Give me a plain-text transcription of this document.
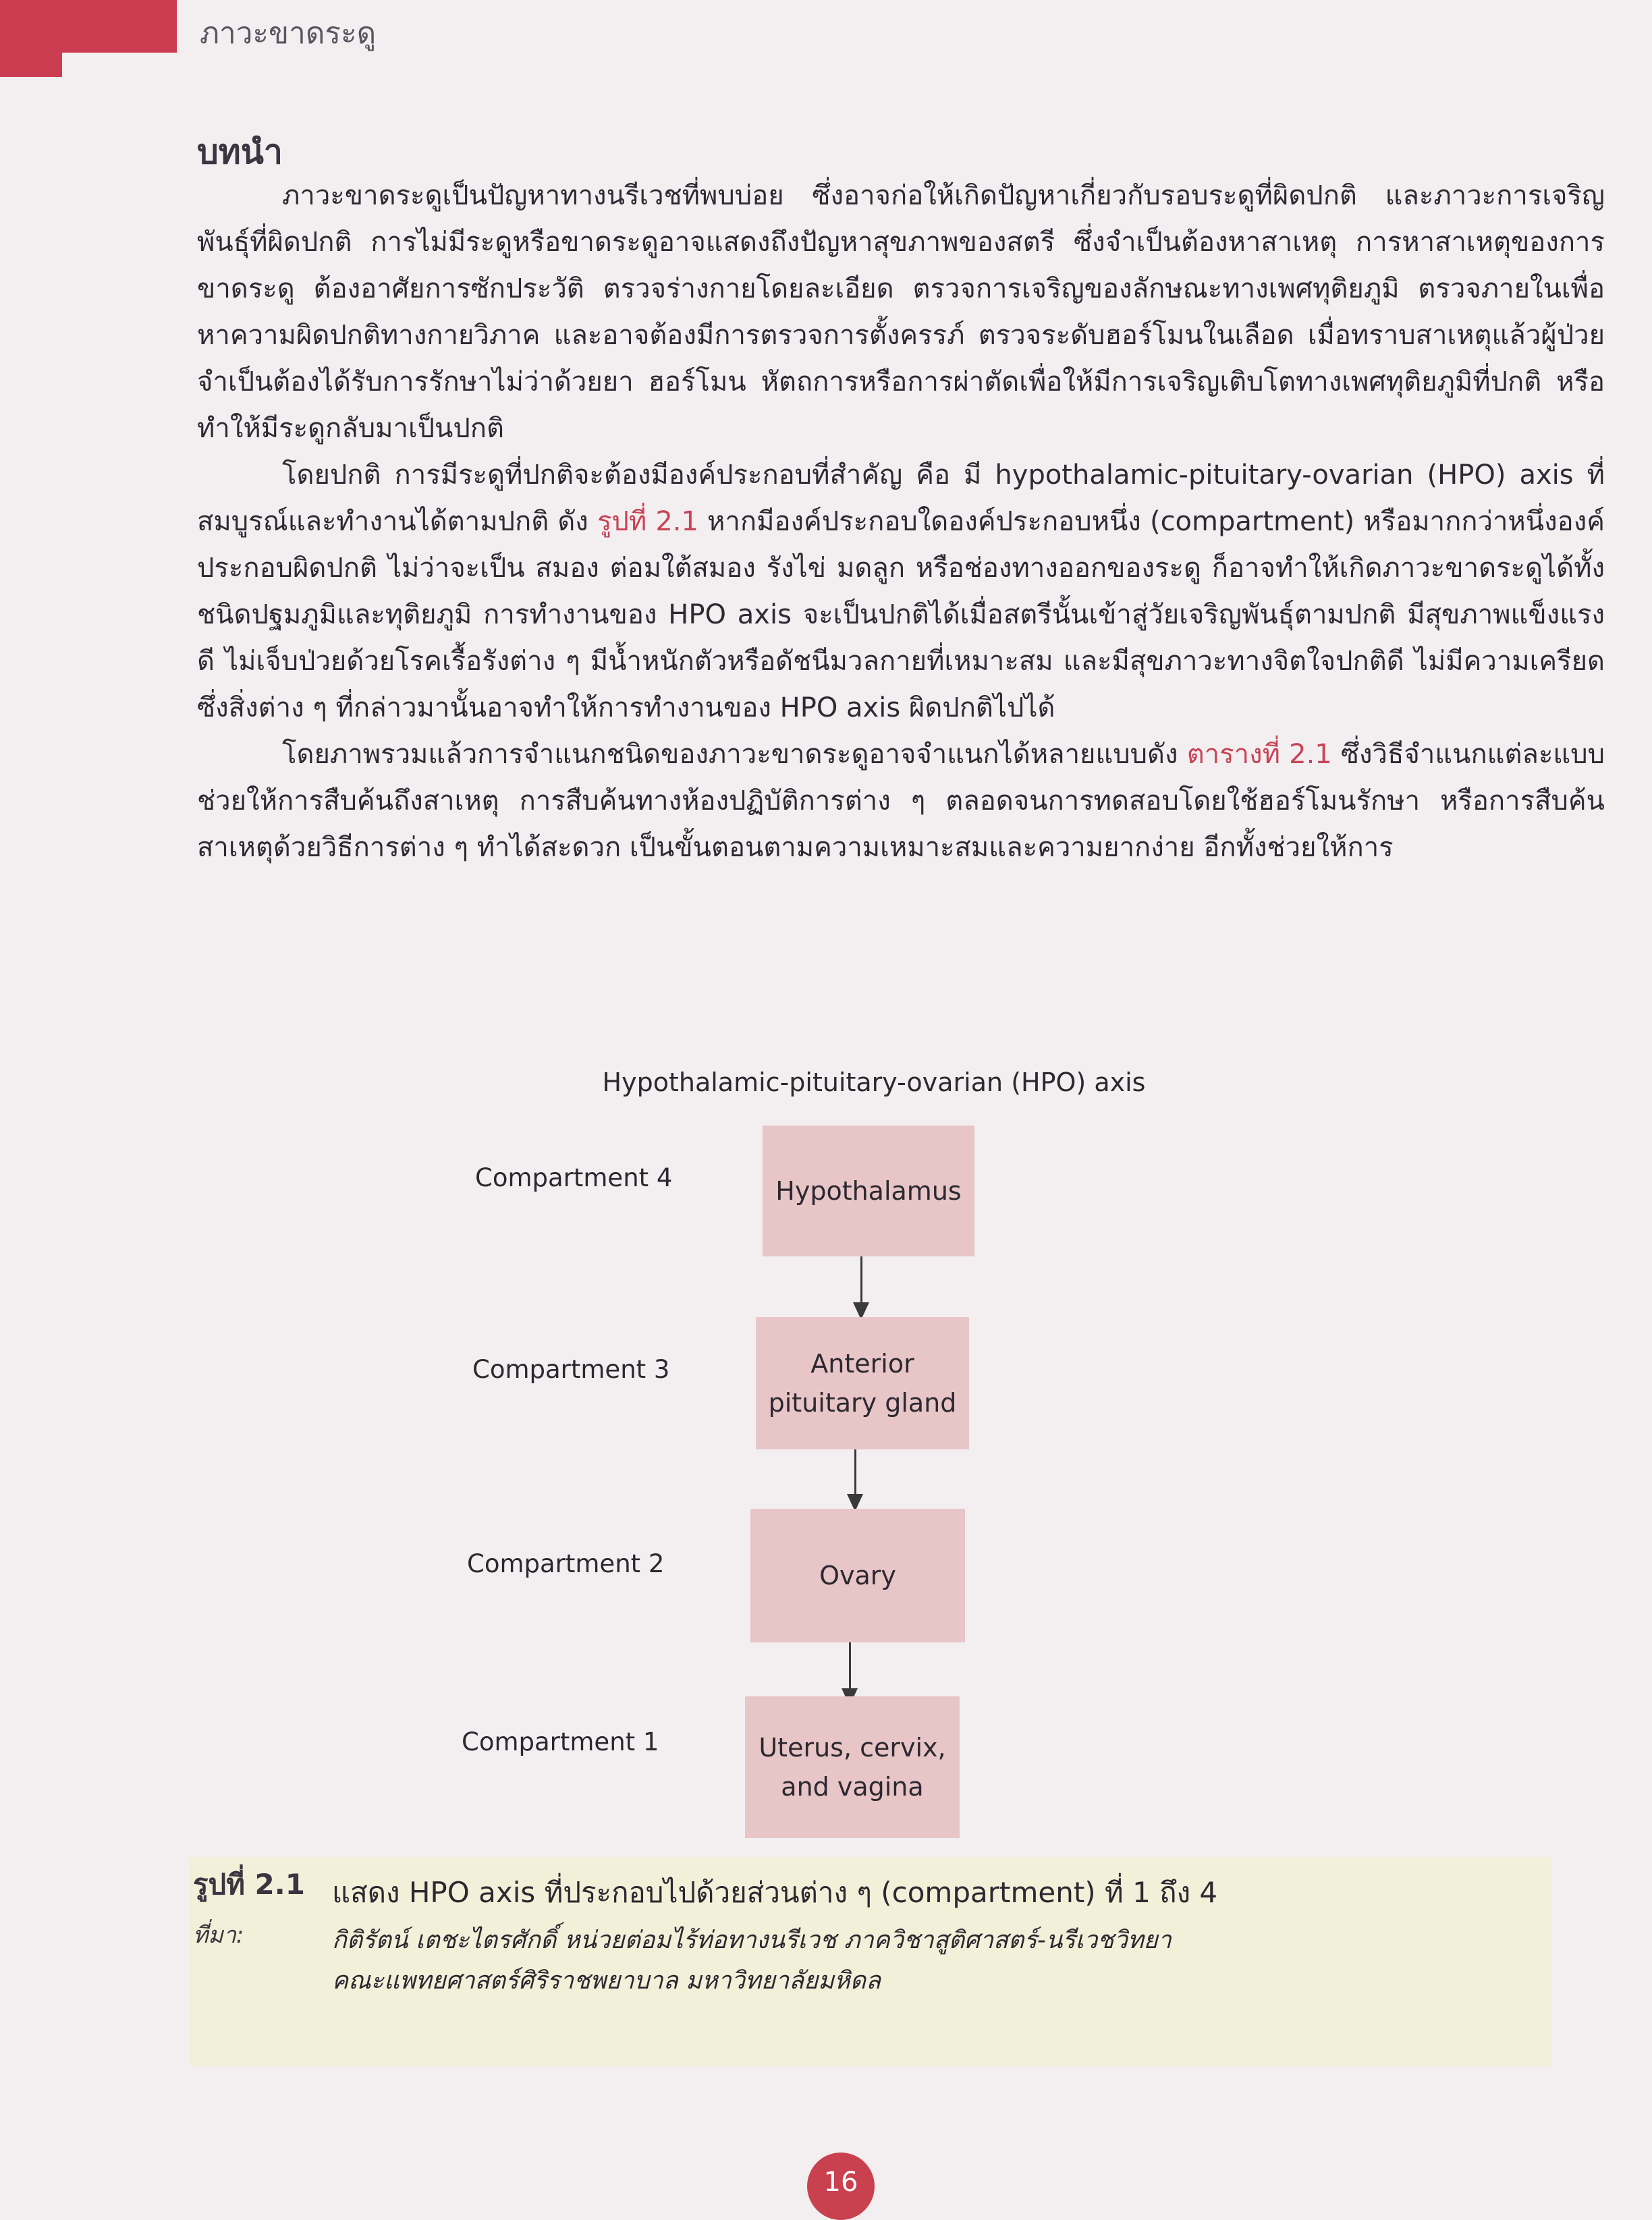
ภาวะขาดระดู
บทนำ

ภาวะขาดระดูเป็นปัญหาทางนรีเวชที่พบบ่อย ซึ่งอาจก่อให้เกิดปัญหาเกี่ยวกับรอบระดูที่ผิดปกติ และภาวะการเจริญพันธุ์ที่ผิดปกติ การไม่มีระดูหรือขาดระดูอาจแสดงถึงปัญหาสุขภาพของสตรี ซึ่งจำเป็นต้องหาสาเหตุ การหาสาเหตุของการขาดระดู ต้องอาศัยการซักประวัติ ตรวจร่างกายโดยละเอียด ตรวจการเจริญของลักษณะทางเพศทุติยภูมิ ตรวจภายในเพื่อหาความผิดปกติทางกายวิภาค และอาจต้องมีการตรวจการตั้งครรภ์ ตรวจระดับฮอร์โมนในเลือด เมื่อทราบสาเหตุแล้วผู้ป่วยจำเป็นต้องได้รับการรักษาไม่ว่าด้วยยา ฮอร์โมน หัตถการหรือการผ่าตัดเพื่อให้มีการเจริญเติบโตทางเพศทุติยภูมิที่ปกติ หรือทำให้มีระดูกลับมาเป็นปกติ

โดยปกติ การมีระดูที่ปกติจะต้องมีองค์ประกอบที่สำคัญ คือ มี hypothalamic-pituitary-ovarian (HPO) axis ที่สมบูรณ์และทำงานได้ตามปกติ ดัง รูปที่ 2.1 หากมีองค์ประกอบใดองค์ประกอบหนึ่ง (compartment) หรือมากกว่าหนึ่งองค์ประกอบผิดปกติ ไม่ว่าจะเป็น สมอง ต่อมใต้สมอง รังไข่ มดลูก หรือช่องทางออกของระดู ก็อาจทำให้เกิดภาวะขาดระดูได้ทั้งชนิดปฐมภูมิและทุติยภูมิ การทำงานของ HPO axis จะเป็นปกติได้เมื่อสตรีนั้นเข้าสู่วัยเจริญพันธุ์ตามปกติ มีสุขภาพแข็งแรงดี ไม่เจ็บป่วยด้วยโรคเรื้อรังต่าง ๆ มีน้ำหนักตัวหรือดัชนีมวลกายที่เหมาะสม และมีสุขภาวะทางจิตใจปกติดี ไม่มีความเครียด ซึ่งสิ่งต่าง ๆ ที่กล่าวมานั้นอาจทำให้การทำงานของ HPO axis ผิดปกติไปได้

โดยภาพรวมแล้วการจำแนกชนิดของภาวะขาดระดูอาจจำแนกได้หลายแบบดัง ตารางที่ 2.1 ซึ่งวิธีจำแนกแต่ละแบบช่วยให้การสืบค้นถึงสาเหตุ การสืบค้นทางห้องปฏิบัติการต่าง ๆ ตลอดจนการทดสอบโดยใช้ฮอร์โมนรักษา หรือการสืบค้นสาเหตุด้วยวิธีการต่าง ๆ ทำได้สะดวก เป็นขั้นตอนตามความเหมาะสมและความยากง่าย อีกทั้งช่วยให้การ

Hypothalamic-pituitary-ovarian (HPO) axis
Compartment 4	Hypothalamus
Compartment 3	Anterior
pituitary gland
Compartment 2	Ovary
Compartment 1	Uterus, cervix,
and vagina
รูปที่ 2.1 แสดง HPO axis ที่ประกอบไปด้วยส่วนต่าง ๆ (compartment) ที่ 1 ถึง 4
ที่มา:	กิติรัตน์ เตชะไตรศักดิ์ หน่วยต่อมไร้ท่อทางนรีเวช ภาควิชาสูติศาสตร์-นรีเวชวิทยา
คณะแพทยศาสตร์ศิริราชพยาบาล มหาวิทยาลัยมหิดล
16
